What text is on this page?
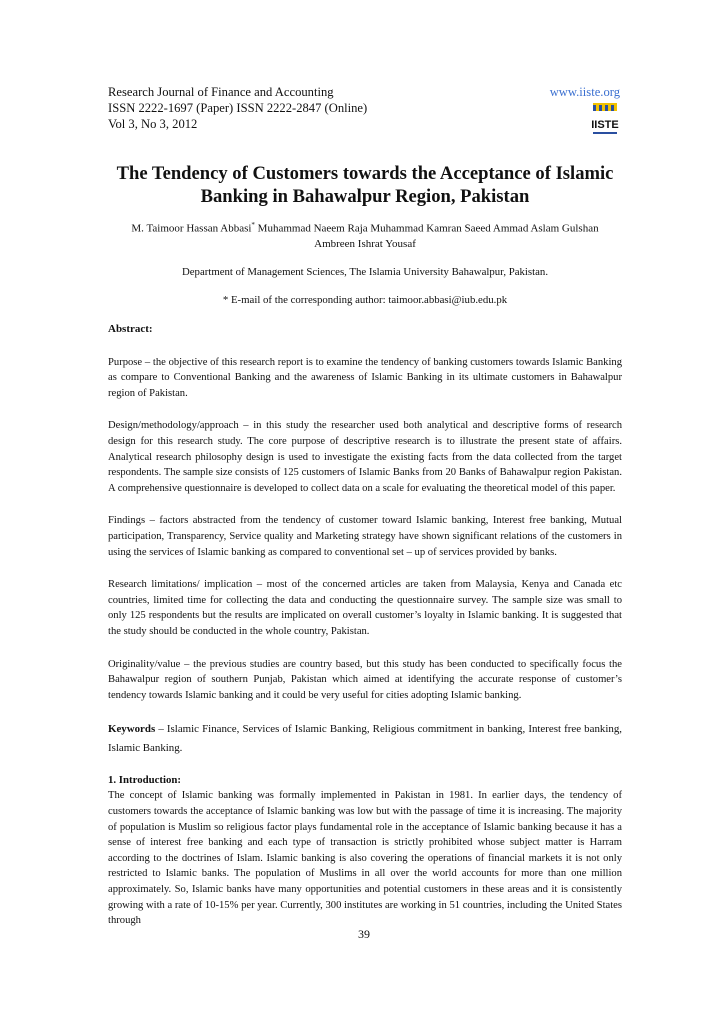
Research Journal of Finance and Accounting
ISSN 2222-1697 (Paper) ISSN 2222-2847 (Online)
Vol 3, No 3, 2012
www.iiste.org
IISTE
The Tendency of Customers towards the Acceptance of Islamic Banking in Bahawalpur Region, Pakistan
M. Taimoor Hassan Abbasi* Muhammad Naeem Raja Muhammad Kamran Saeed Ammad Aslam Gulshan Ambreen Ishrat Yousaf
Department of Management Sciences, The Islamia University Bahawalpur, Pakistan.
* E-mail of the corresponding author: taimoor.abbasi@iub.edu.pk
Abstract:

Purpose – the objective of this research report is to examine the tendency of banking customers towards Islamic Banking as compare to Conventional Banking and the awareness of Islamic Banking in its ultimate customers in Bahawalpur region of Pakistan.

Design/methodology/approach – in this study the researcher used both analytical and descriptive forms of research design for this research study. The core purpose of descriptive research is to illustrate the present state of affairs. Analytical research philosophy design is used to investigate the existing facts from the data collected from the target respondents. The sample size consists of 125 customers of Islamic Banks from 20 Banks of Bahawalpur region Pakistan. A comprehensive questionnaire is developed to collect data on a scale for evaluating the theoretical model of this paper.

Findings – factors abstracted from the tendency of customer toward Islamic banking, Interest free banking, Mutual participation, Transparency, Service quality and Marketing strategy have shown significant relations of the customers in using the services of Islamic banking as compared to conventional set – up of services provided by banks.

Research limitations/ implication – most of the concerned articles are taken from Malaysia, Kenya and Canada etc countries, limited time for collecting the data and conducting the questionnaire survey. The sample size was small to only 125 respondents but the results are implicated on overall customer’s loyalty in Islamic banking. It is suggested that the study should be conducted in the whole country, Pakistan.

Originality/value – the previous studies are country based, but this study has been conducted to specifically focus the Bahawalpur region of southern Punjab, Pakistan which aimed at identifying the accurate response of customer’s tendency towards Islamic banking and it could be very useful for cities adopting Islamic banking.

Keywords – Islamic Finance, Services of Islamic Banking, Religious commitment in banking, Interest free banking, Islamic Banking.
1. Introduction:

The concept of Islamic banking was formally implemented in Pakistan in 1981. In earlier days, the tendency of customers towards the acceptance of Islamic banking was low but with the passage of time it is increasing. The majority of population is Muslim so religious factor plays fundamental role in the acceptance of Islamic banking because it has a sense of interest free banking and each type of transaction is strictly prohibited whose subject matter is Harram according to the doctrines of Islam. Islamic banking is also covering the operations of financial markets it is not only restricted to Islamic banks. The population of Muslims in all over the world accounts for more than one million approximately. So, Islamic banks have many opportunities and potential customers in these areas and it is consistently growing with a rate of 10-15% per year. Currently, 300 institutes are working in 51 countries, including the United States through

39
